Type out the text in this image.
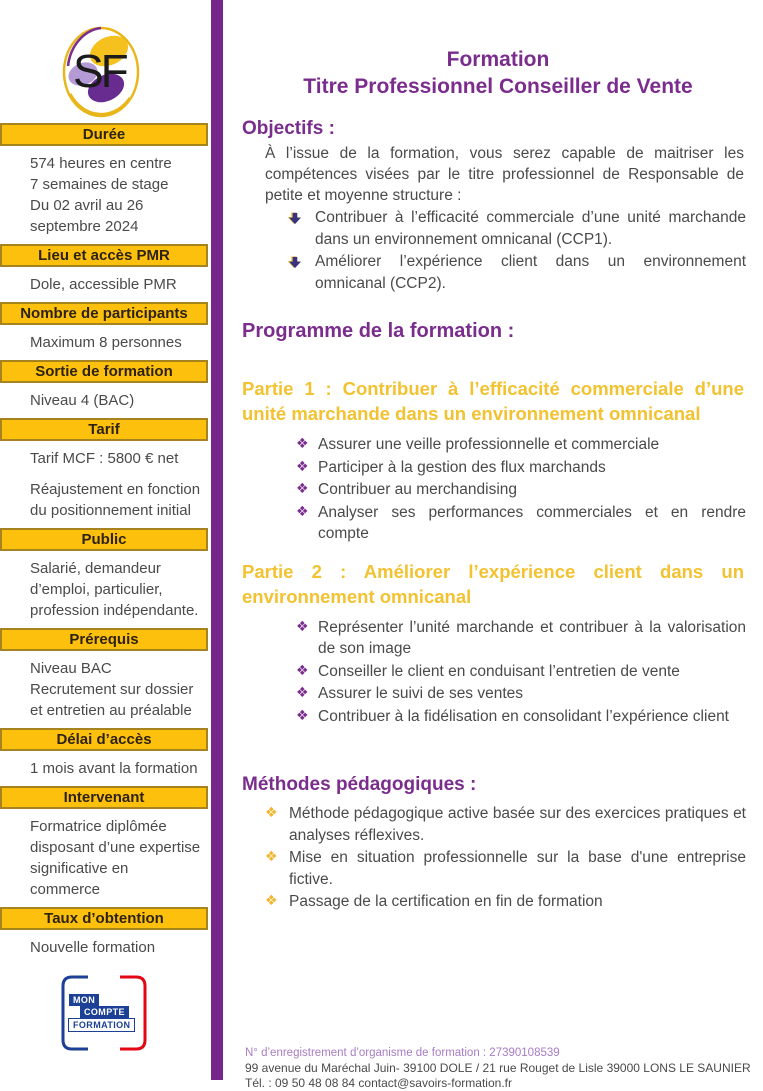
SF
Durée

574 heures en centre

7 semaines de stage

Du 02 avril au 26 septembre 2024

Lieu et accès PMR

Dole, accessible PMR

Nombre de participants

Maximum 8 personnes

Sortie de formation

Niveau 4 (BAC)

Tarif

Tarif MCF : 5800 € net

Réajustement en fonction du positionnement initial

Public

Salarié, demandeur d’emploi, particulier, profession indépendante.

Prérequis

Niveau BAC

Recrutement sur dossier et entretien au préalable

Délai d’accès

1 mois avant la formation

Intervenant

Formatrice diplômée disposant d’une expertise significative en commerce

Taux d’obtention

Nouvelle formation

MON
COMPTE
FORMATION
Formation
Titre Professionnel Conseiller de Vente
Objectifs :

À l’issue de la formation, vous serez capable de maitriser les compétences visées par le titre professionnel de Responsable de petite et moyenne structure :

Contribuer à l’efficacité commerciale d’une unité marchande dans un environnement omnicanal (CCP1).
Améliorer l’expérience client dans un environnement omnicanal (CCP2).
Programme de la formation :
Partie 1 : Contribuer à l’efficacité commerciale d’une unité marchande dans un environnement omnicanal
❖ Assurer une veille professionnelle et commerciale
❖ Participer à la gestion des flux marchands
❖ Contribuer au merchandising
❖ Analyser ses performances commerciales et en rendre compte
Partie 2 : Améliorer l’expérience client dans un environnement omnicanal
❖ Représenter l’unité marchande et contribuer à la valorisation de son image
❖ Conseiller le client en conduisant l’entretien de vente
❖ Assurer le suivi de ses ventes
❖ Contribuer à la fidélisation en consolidant l’expérience client
Méthodes pédagogiques :
❖ Méthode pédagogique active basée sur des exercices pratiques et analyses réflexives.
❖ Mise en situation professionnelle sur la base d'une entreprise fictive.
❖ Passage de la certification en fin de formation
N° d’enregistrement d’organisme de formation : 27390108539
99 avenue du Maréchal Juin- 39100 DOLE / 21 rue Rouget de Lisle 39000 LONS LE SAUNIER
Tél. : 09 50 48 08 84 contact@savoirs-formation.fr
